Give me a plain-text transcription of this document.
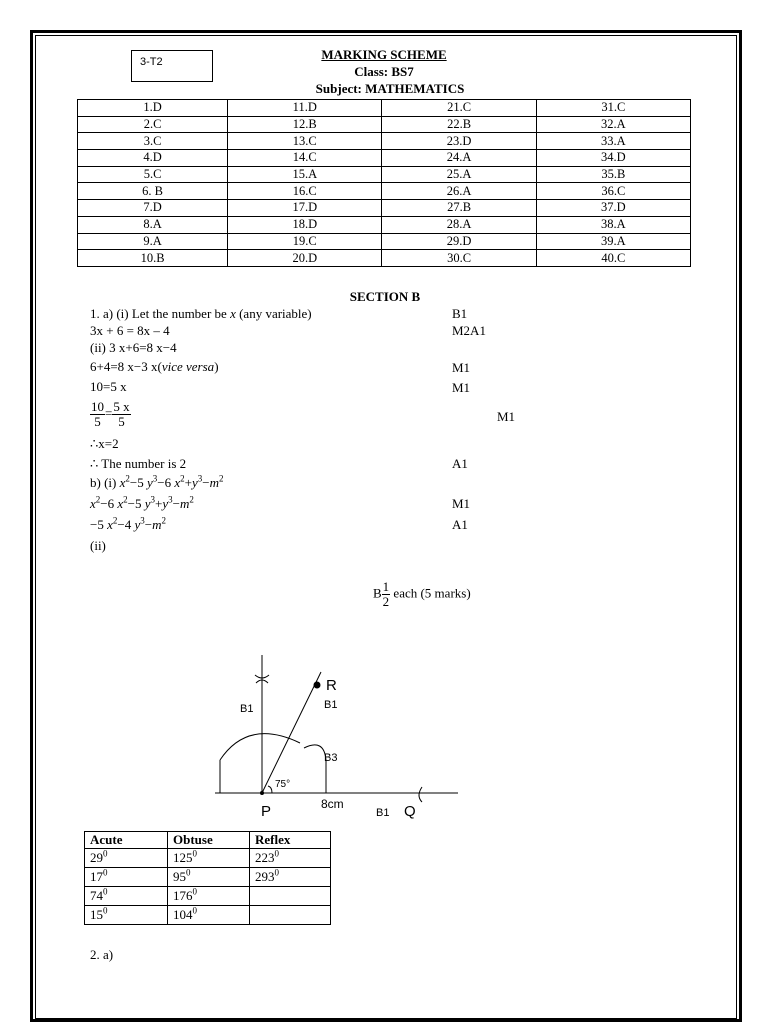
3-T2	MARKING SCHEME
Class: BS7
Subject: MATHEMATICS
1.D	11.D	21.C	31.C
2.C	12.B	22.B	32.A
3.C	13.C	23.D	33.A
4.D	14.C	24.A	34.D
5.C	15.A	25.A	35.B
6. B	16.C	26.A	36.C
7.D	17.D	27.B	37.D
8.A	18.D	28.A	38.A
9.A	19.C	29.D	39.A
10.B	20.D	30.C	40.C
SECTION B
1. a) (i) Let the number be x (any variable)	B1
3x + 6 = 8x – 4	M2A1
(ii) 3 x+6=8 x−4
6+4=8 x−3 x(vice versa)	M1
10=5 x	M1
$\frac{10}{5} = \frac{5 x}{5}$	M1
∴x=2
∴ The number is 2	A1
b) (i) $x^2-5$ $y^3-6$ $x^2+y^3-m^2$
$x^2-6$ $x^2-5$ $y^3+y^3-m^2$	M1
−5 $x^2-4$ $y^3-m^2$	A1
(ii)
B $\frac{1}{2}$ each (5 marks)
R
B1	B1
B3
75°
P	8cm
B1 Q
Acute	Obtuse	Reflex
$29^0$	$125^0$	$223^0$
$17^0$	$95^0$	$293^0$
$74^0$	$176^0$	
$15^0$	$104^0$	
2. a)
